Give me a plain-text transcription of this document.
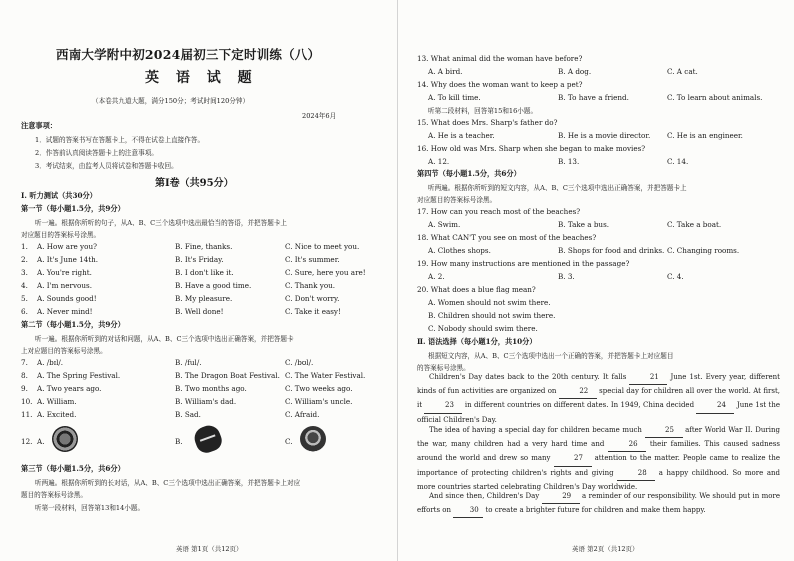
西南大学附中初2024届初三下定时训练（八）
英 语 试 题
（本卷共九道大题，满分150分；考试时间120分钟）
2024年6月
注意事项：
1．试题的答案书写在答题卡上，不得在试卷上直接作答。
2．作答前认真阅读答题卡上的注意事项。
3．考试结束，由监考人员将试卷和答题卡收回。
第Ⅰ卷（共95分）
Ⅰ. 听力测试（共30分）
第一节（每小题1.5分，共9分）
听一遍。根据你所听的句子，从A、B、C三个选项中选出最恰当的答语，并把答题卡上
对应题目的答案标号涂黑。
1. A. How are you?	B. Fine, thanks.	C. Nice to meet you.
2. A. It's June 14th.	B. It's Friday.	C. It's summer.
3. A. You're right.	B. I don't like it.	C. Sure, here you are!
4. A. I'm nervous.	B. Have a good time.	C. Thank you.
5. A. Sounds good!	B. My pleasure.	C. Don't worry.
6. A. Never mind!	B. Well done!	C. Take it easy!
第二节（每小题1.5分，共9分）
听一遍。根据你所听到的对话和问题，从A、B、C三个选项中选出正确答案，并把答题卡
上对应题目的答案标号涂黑。
7. A. /bɪl/.	B. /ful/.	C. /bʊl/.
8. A. The Spring Festival.	B. The Dragon Boat Festival. C. The Water Festival.
9. A. Two years ago.	B. Two months ago.	C. Two weeks ago.
10. A. William.	B. William's dad.	C. William's uncle.
11. A. Excited.	B. Sad.	C. Afraid.
12. A.	B.	C.
第三节（每小题1.5分，共6分）
听两遍。根据你所听到的长对话，从A、B、C三个选项中选出正确答案，并把答题卡上对应
题目的答案标号涂黑。
听第一段材料，回答第13和14小题。
英语 第1页（共12页）
13. What animal did the woman have before?
A. A bird.	B. A dog.	C. A cat.
14. Why does the woman want to keep a pet?
A. To kill time.	B. To have a friend.	C. To learn about animals.
听第二段材料，回答第15和16小题。
15. What does Mrs. Sharp's father do?
A. He is a teacher.	B. He is a movie director. C. He is an engineer.
16. How old was Mrs. Sharp when she began to make movies?
A. 12.	B. 13.	C. 14.
第四节（每小题1.5分，共6分）
听两遍。根据你所听到的短文内容，从A、B、C三个选项中选出正确答案，并把答题卡上
对应题目的答案标号涂黑。
17. How can you reach most of the beaches?
A. Swim.	B. Take a bus.	C. Take a boat.
18. What CAN'T you see on most of the beaches?
A. Clothes shops.	B. Shops for food and drinks. C. Changing rooms.
19. How many instructions are mentioned in the passage?
A. 2.	B. 3.	C. 4.
20. What does a blue flag mean?
A. Women should not swim there.
B. Children should not swim there.
C. Nobody should swim there.
Ⅱ. 语法选择（每小题1分，共10分）
根据短文内容，从A、B、C三个选项中选出一个正确的答案，并把答题卡上对应题目
的答案标号涂黑。
Children's Day dates back to the 20th century. It falls	21 June 1st. Every year, different kinds of fun activities are organized on	22 special day for children all over the world. At first, it	23 in different countries on different dates. In 1949, China decided	24 June 1st the official Children's Day.
The idea of having a special day for children became much	25 after World War II. During the war, many children had a very hard time and	26 their families. This caused sadness around the world and drew so many	27 attention to the matter. People came to realize the importance of protecting children's rights and giving	28 a happy childhood. So more and more countries started celebrating Children's Day worldwide.
And since then, Children's Day	29 a reminder of our responsibility. We should put in more efforts on 30 to create a brighter future for children and make them happy.
英语 第2页（共12页）
